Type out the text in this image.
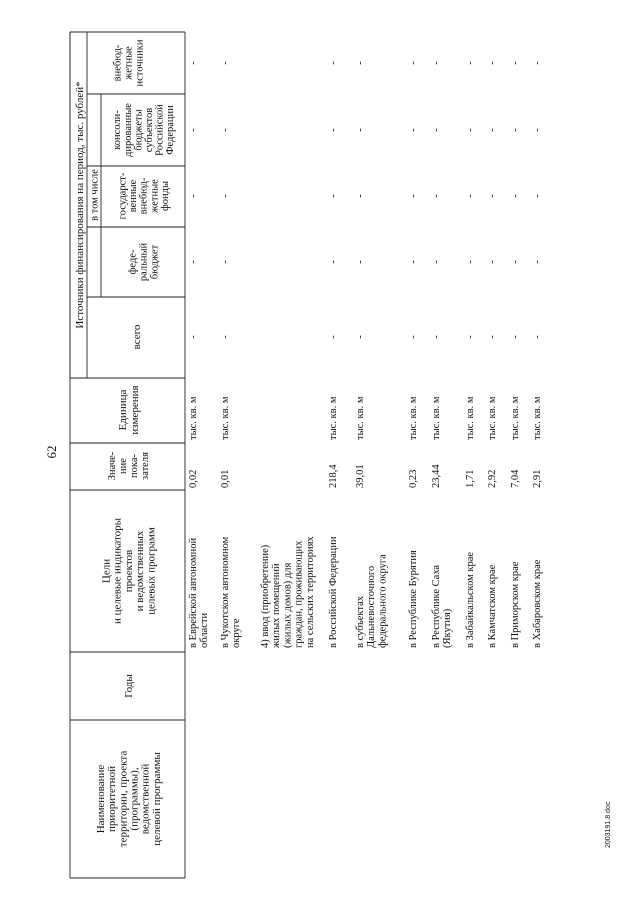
62
2003191.8 doc
Наименование приоритетной территории, проекта (программы), ведомственной целевой программы
Годы
Цели и целевые индикаторы проектов и ведомственных целевых программ
Значе- ние пока- зателя
Единица измерения
Источники финансирования на период, тыс. рублей*
всего
в том числе
феде- ральный бюджет
государст- венные внебюд- жетные фонды
консоли- дированные бюджеты субъектов Российской Федерации
внебюд- жетные источники
в Еврейской автономной области
0,02
тыс. кв. м
-
-
-
-
-
в Чукотском автономном округе
0,01
тыс. кв. м
-
-
-
-
-
4) ввод (приобретение) жилых помещений (жилых домов) для граждан, проживающих на сельских территориях в Российской Федерации
218,4
тыс. кв. м
-
-
-
-
-
в субъектах Дальневосточного федерального округа
39,01
тыс. кв. м
-
-
-
-
-
в Республике Бурятия
0,23
тыс. кв. м
-
-
-
-
-
в Республике Саха (Якутия)
23,44
тыс. кв. м
-
-
-
-
-
в Забайкальском крае
1,71
тыс. кв. м
-
-
-
-
-
в Камчатском крае
2,92
тыс. кв. м
-
-
-
-
-
в Приморском крае
7,04
тыс. кв. м
-
-
-
-
-
в Хабаровском крае
2,91
тыс. кв. м
-
-
-
-
-
